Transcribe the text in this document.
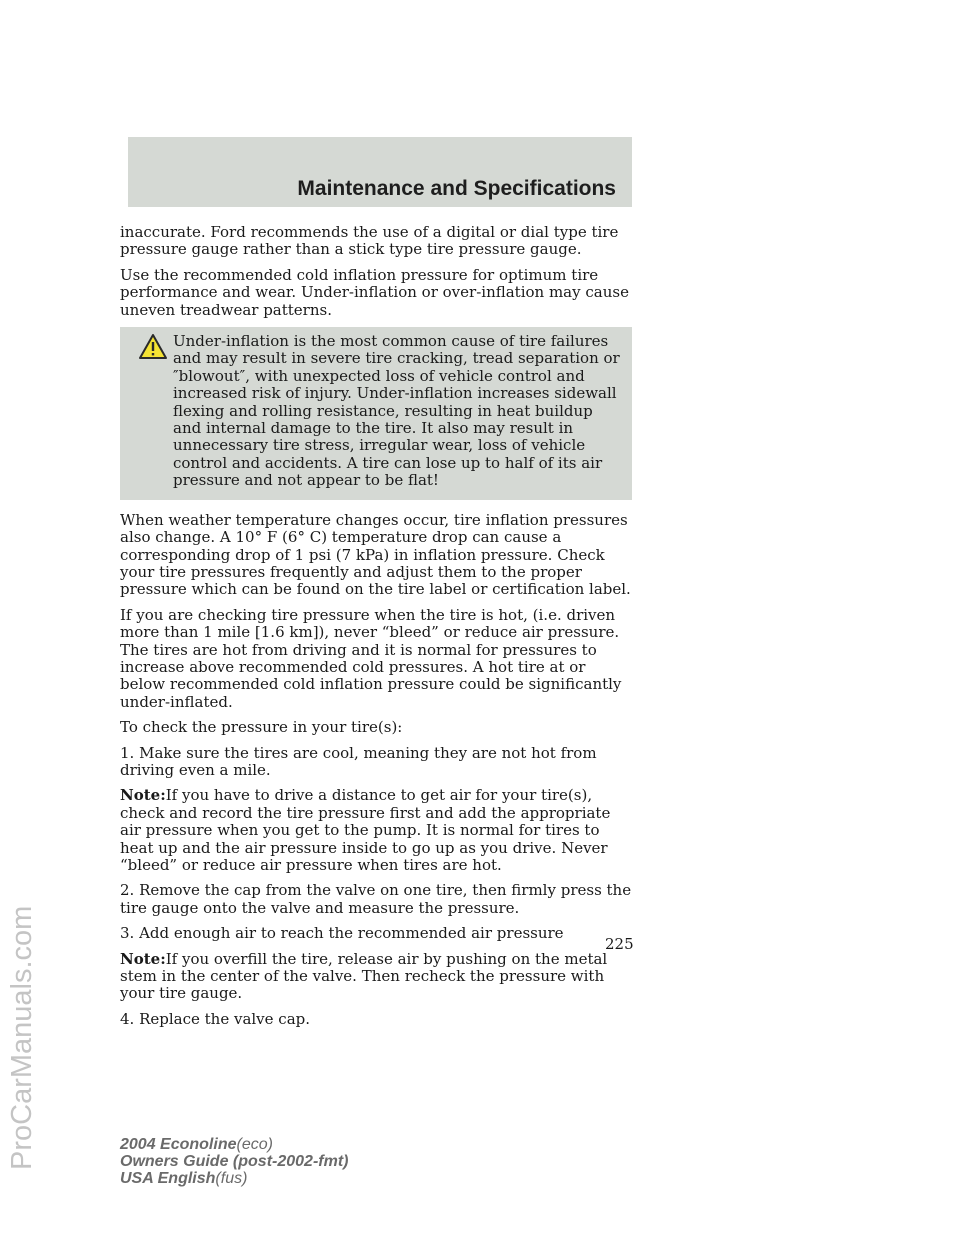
Maintenance and Specifications

inaccurate. Ford recommends the use of a digital or dial type tire pressure gauge rather than a stick type tire pressure gauge.

Use the recommended cold inflation pressure for optimum tire performance and wear. Under-inflation or over-inflation may cause uneven treadwear patterns.

Under-inflation is the most common cause of tire failures and may result in severe tire cracking, tread separation or ″blowout″, with unexpected loss of vehicle control and increased risk of injury. Under-inflation increases sidewall flexing and rolling resistance, resulting in heat buildup and internal damage to the tire. It also may result in unnecessary tire stress, irregular wear, loss of vehicle control and accidents. A tire can lose up to half of its air pressure and not appear to be flat!

When weather temperature changes occur, tire inflation pressures also change. A 10° F (6° C) temperature drop can cause a corresponding drop of 1 psi (7 kPa) in inflation pressure. Check your tire pressures frequently and adjust them to the proper pressure which can be found on the tire label or certification label.

If you are checking tire pressure when the tire is hot, (i.e. driven more than 1 mile [1.6 km]), never “bleed” or reduce air pressure. The tires are hot from driving and it is normal for pressures to increase above recommended cold pressures. A hot tire at or below recommended cold inflation pressure could be significantly under-inflated.

To check the pressure in your tire(s):

1. Make sure the tires are cool, meaning they are not hot from driving even a mile.

Note:If you have to drive a distance to get air for your tire(s), check and record the tire pressure first and add the appropriate air pressure when you get to the pump. It is normal for tires to heat up and the air pressure inside to go up as you drive. Never “bleed” or reduce air pressure when tires are hot.

2. Remove the cap from the valve on one tire, then firmly press the tire gauge onto the valve and measure the pressure.

3. Add enough air to reach the recommended air pressure

Note:If you overfill the tire, release air by pushing on the metal stem in the center of the valve. Then recheck the pressure with your tire gauge.

4. Replace the valve cap.

225
2004 Econoline(eco)
Owners Guide (post-2002-fmt)
USA English(fus)
ProCarManuals.com
